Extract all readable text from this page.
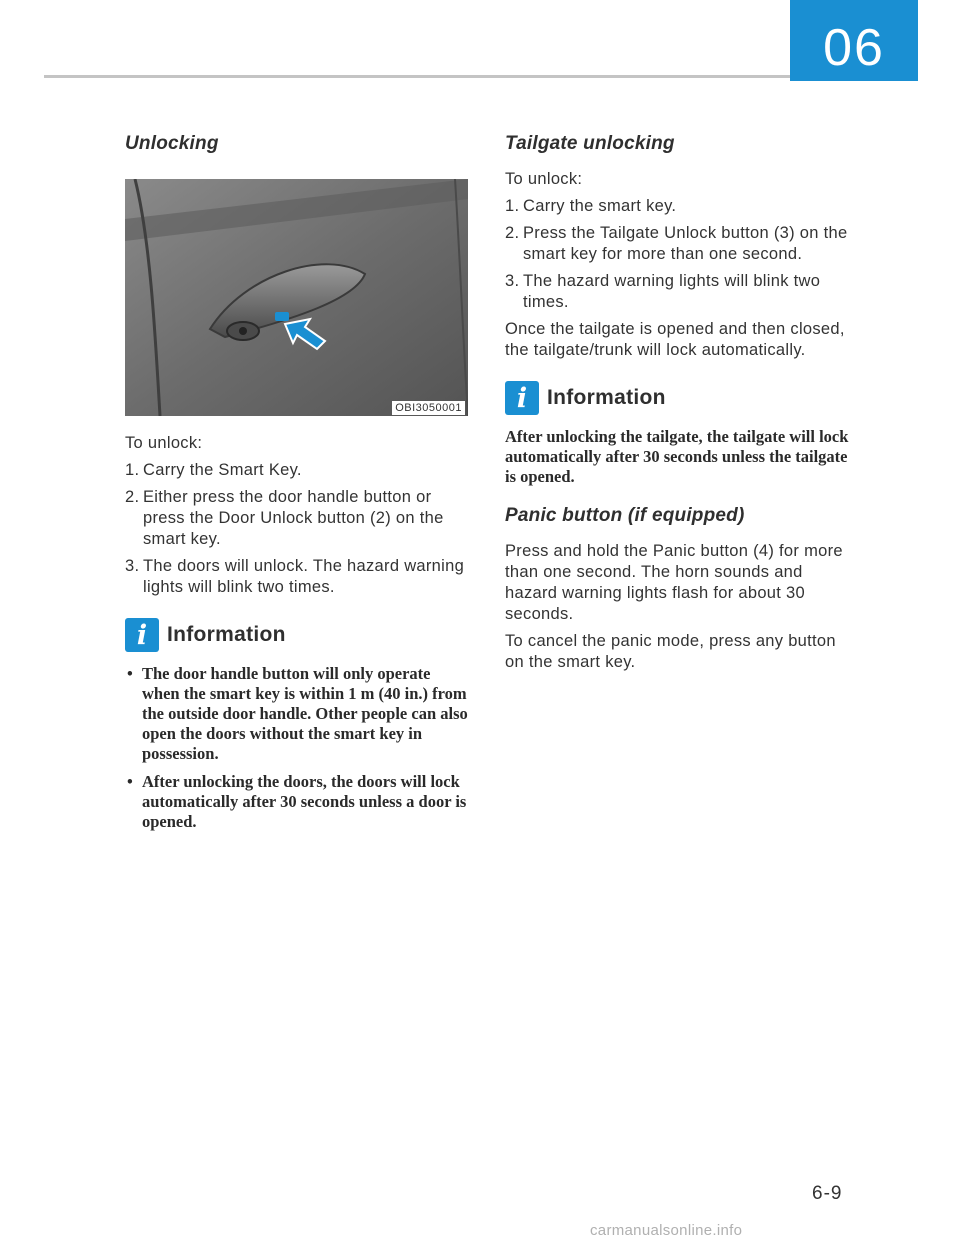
06
Unlocking
OBI3050001

To unlock:

1. Carry the Smart Key.
2. Either press the door handle button or press the Door Unlock button (2) on the smart key.
3. The doors will unlock. The hazard warning lights will blink two times.
i Information
• The door handle button will only operate when the smart key is within 1 m (40 in.) from the outside door handle. Other people can also open the doors without the smart key in possession.
• After unlocking the doors, the doors will lock automatically after 30 seconds unless a door is opened.
Tailgate unlocking

To unlock:

1. Carry the smart key.
2. Press the Tailgate Unlock button (3) on the smart key for more than one second.
3. The hazard warning lights will blink two times.

Once the tailgate is opened and then closed, the tailgate/trunk will lock automatically.

i Information

After unlocking the tailgate, the tailgate will lock automatically after 30 seconds unless the tailgate is opened.

Panic button (if equipped)

Press and hold the Panic button (4) for more than one second. The horn sounds and hazard warning lights flash for about 30 seconds.

To cancel the panic mode, press any button on the smart key.

6-9
carmanualsonline.info
